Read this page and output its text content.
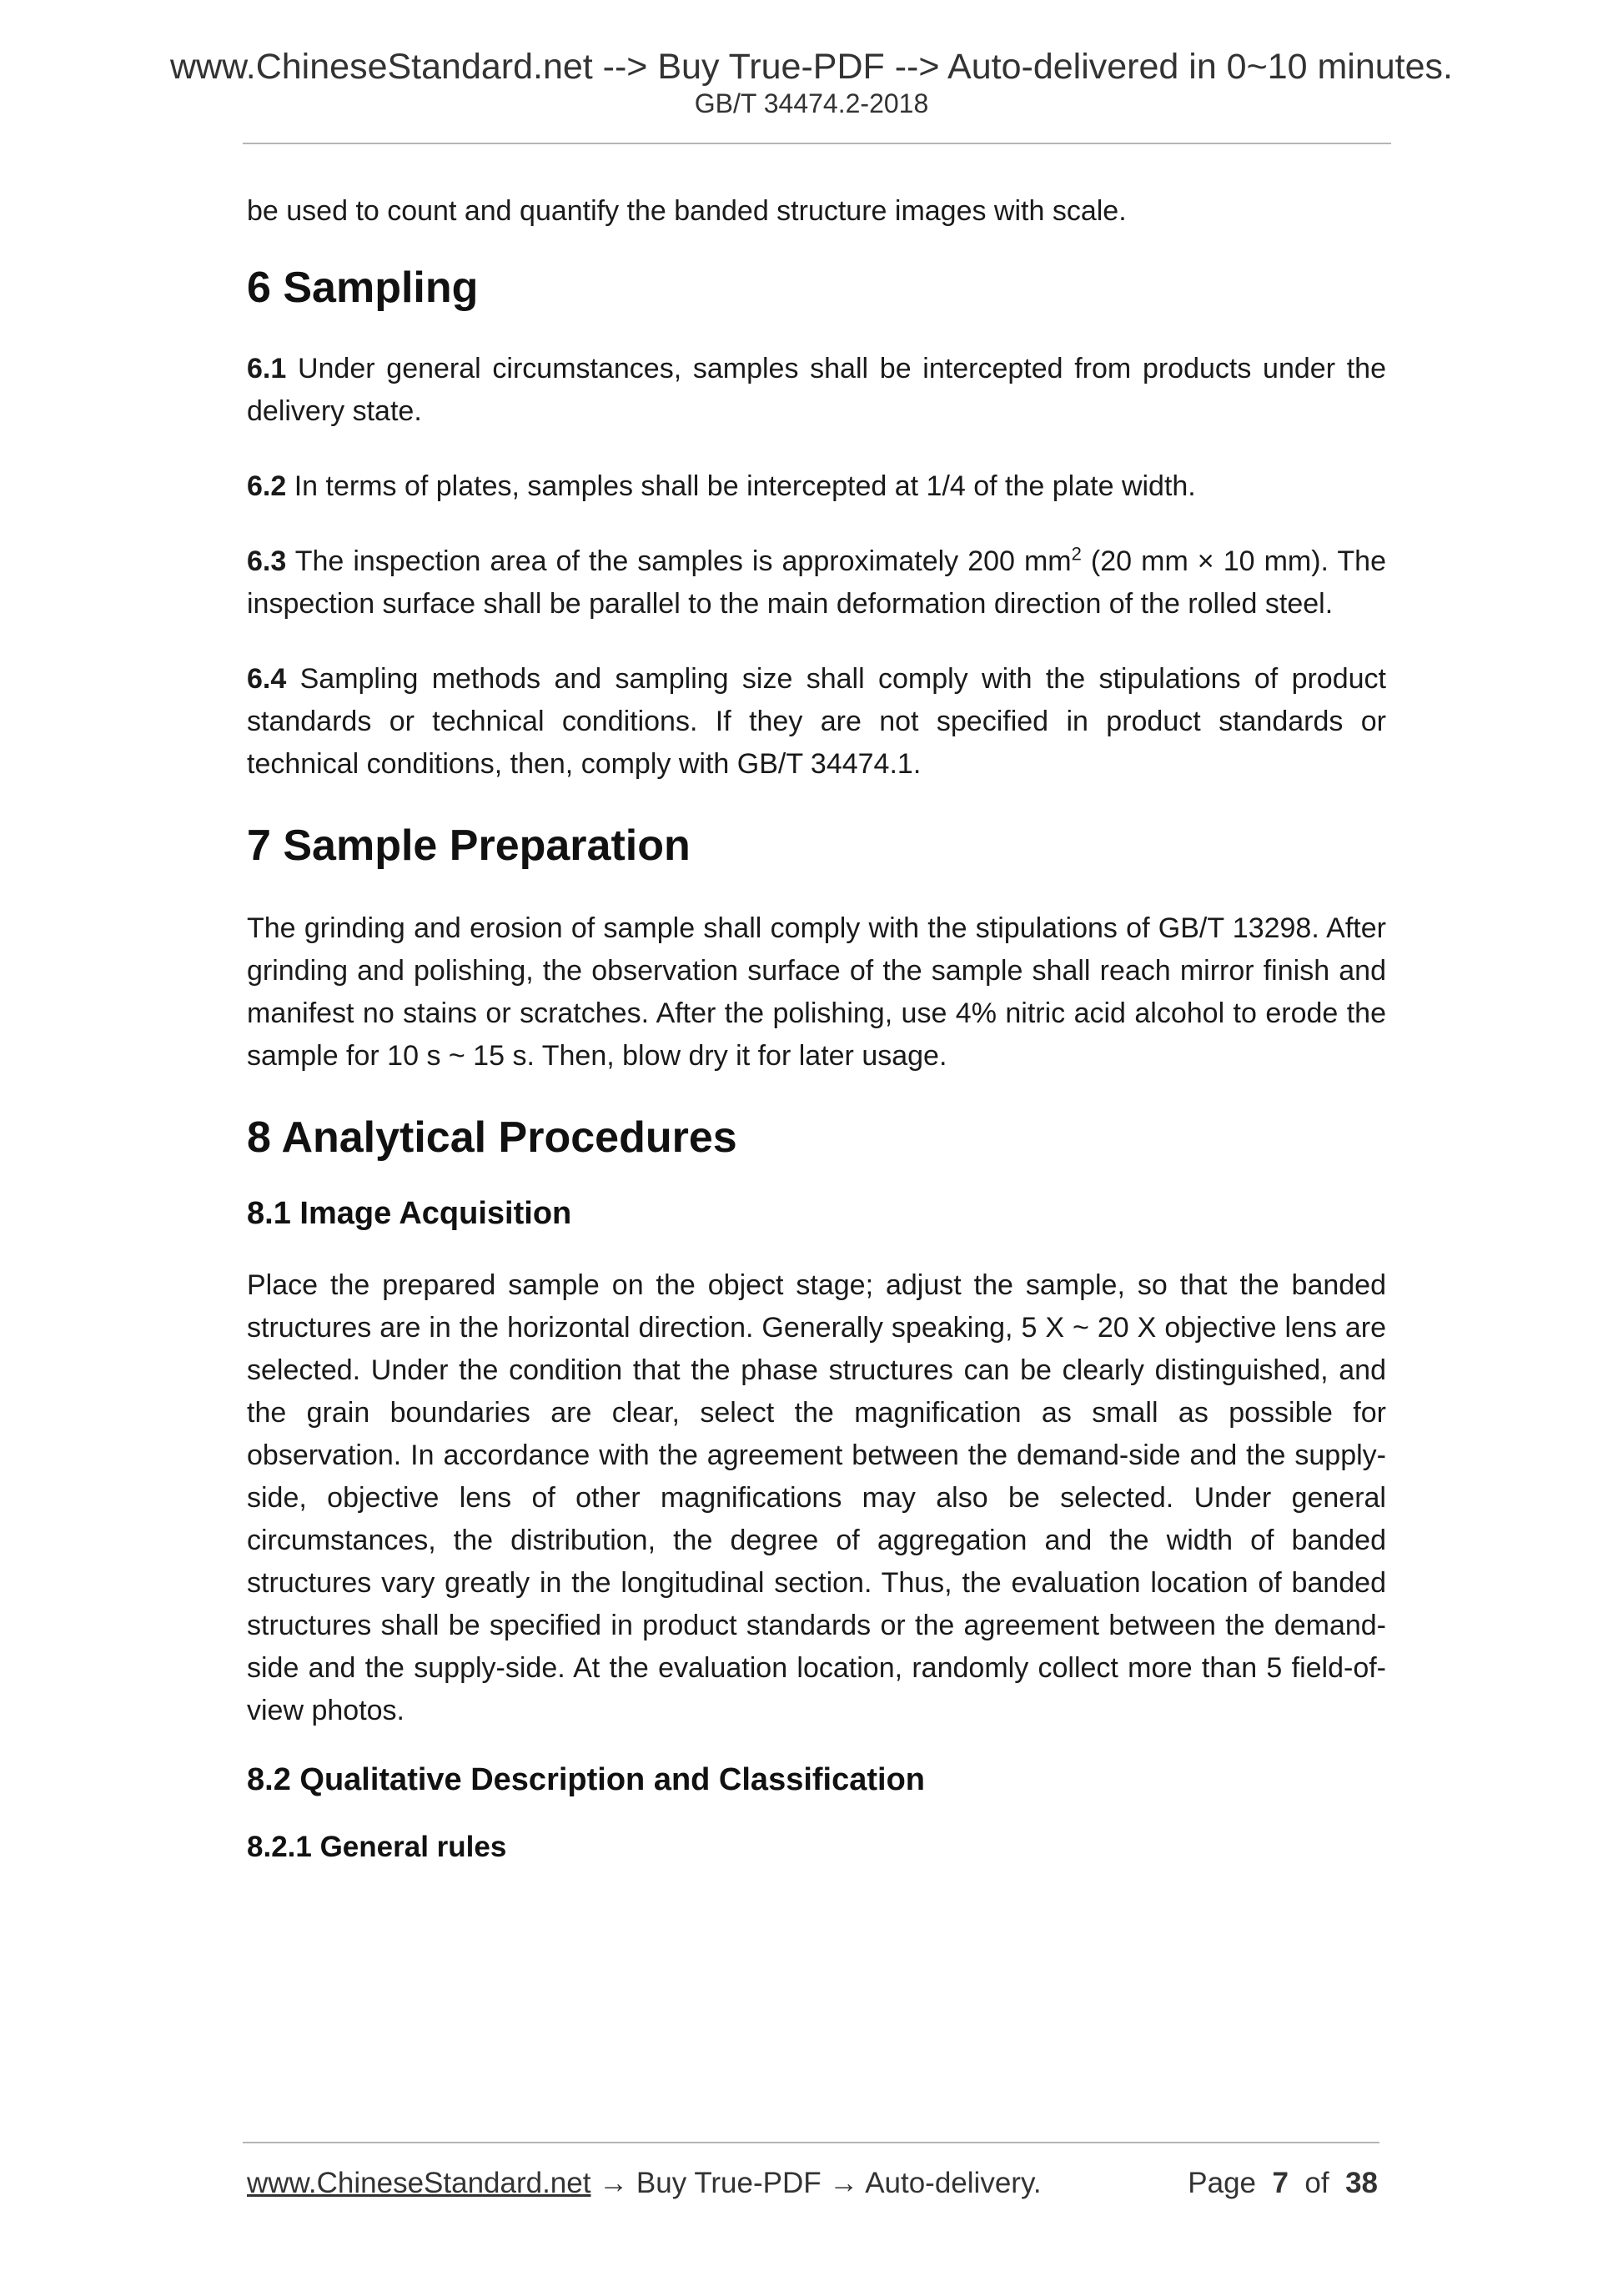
www.ChineseStandard.net --> Buy True-PDF --> Auto-delivered in 0~10 minutes.
GB/T 34474.2-2018

be used to count and quantify the banded structure images with scale.

6 Sampling

6.1 Under general circumstances, samples shall be intercepted from products under the delivery state.

6.2 In terms of plates, samples shall be intercepted at 1/4 of the plate width.

6.3 The inspection area of the samples is approximately 200 $mm^2$ (20 mm × 10 mm). The inspection surface shall be parallel to the main deformation direction of the rolled steel.

6.4 Sampling methods and sampling size shall comply with the stipulations of product standards or technical conditions. If they are not specified in product standards or technical conditions, then, comply with GB/T 34474.1.

7 Sample Preparation

The grinding and erosion of sample shall comply with the stipulations of GB/T 13298. After grinding and polishing, the observation surface of the sample shall reach mirror finish and manifest no stains or scratches. After the polishing, use 4% nitric acid alcohol to erode the sample for 10 s ~ 15 s. Then, blow dry it for later usage.

8 Analytical Procedures
8.1 Image Acquisition

Place the prepared sample on the object stage; adjust the sample, so that the banded structures are in the horizontal direction. Generally speaking, 5 X ~ 20 X objective lens are selected. Under the condition that the phase structures can be clearly distinguished, and the grain boundaries are clear, select the magnification as small as possible for observation. In accordance with the agreement between the demand-side and the supply-side, objective lens of other magnifications may also be selected. Under general circumstances, the distribution, the degree of aggregation and the width of banded structures vary greatly in the longitudinal section. Thus, the evaluation location of banded structures shall be specified in product standards or the agreement between the demand-side and the supply-side. At the evaluation location, randomly collect more than 5 field-of-view photos.

8.2 Qualitative Description and Classification
8.2.1 General rules
www.ChineseStandard.net → Buy True-PDF → Auto-delivery.	Page 7 of 38
